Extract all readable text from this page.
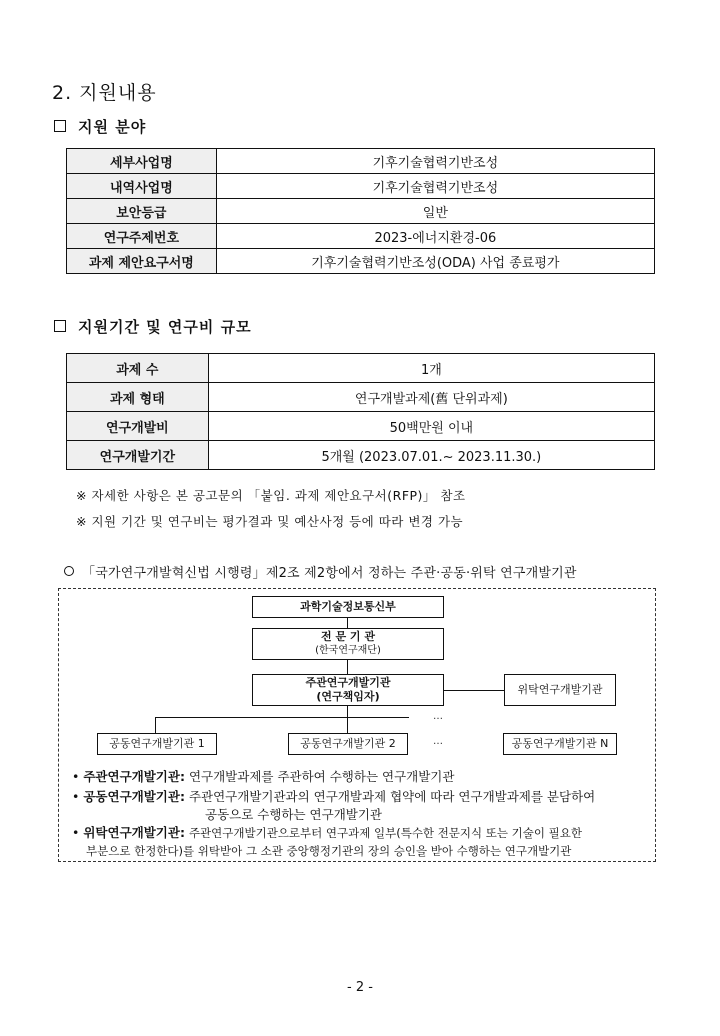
2. 지원내용
지원 분야
세부사업명	기후기술협력기반조성
내역사업명	기후기술협력기반조성
보안등급	일반
연구주제번호	2023-에너지환경-06
과제 제안요구서명	기후기술협력기반조성(ODA) 사업 종료평가
지원기간 및 연구비 규모
과제 수	1개
과제 형태	연구개발과제(舊 단위과제)
연구개발비	50백만원 이내
연구개발기간	5개월 (2023.07.01.~ 2023.11.30.)
※ 자세한 사항은 본 공고문의 「붙임. 과제 제안요구서(RFP)」 참조
※ 지원 기간 및 연구비는 평가결과 및 예산사정 등에 따라 변경 가능
「국가연구개발혁신법 시행령」제2조 제2항에서 정하는 주관·공동·위탁 연구개발기관
…
…
과학기술정보통신부
전 문 기 관
(한국연구재단)
주관연구개발기관
(연구책임자)
위탁연구개발기관
공동연구개발기관 1	공동연구개발기관 2	공동연구개발기관 N
• 주관연구개발기관: 연구개발과제를 주관하여 수행하는 연구개발기관
• 공동연구개발기관: 주관연구개발기관과의 연구개발과제 협약에 따라 연구개발과제를 분담하여
공동으로 수행하는 연구개발기관
• 위탁연구개발기관: 주관연구개발기관으로부터 연구과제 일부(특수한 전문지식 또는 기술이 필요한
부분으로 한정한다)를 위탁받아 그 소관 중앙행정기관의 장의 승인을 받아 수행하는 연구개발기관
- 2 -
